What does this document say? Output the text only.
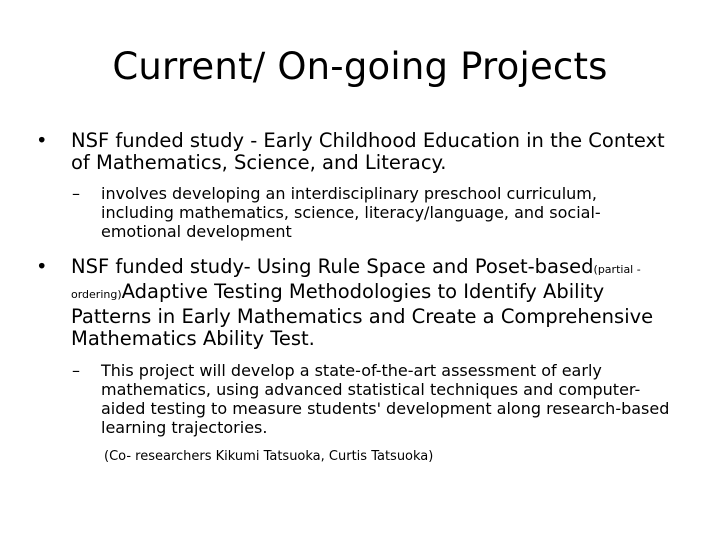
Current/ On-going Projects
•	NSF funded study - Early Childhood Education in the Context of Mathematics, Science, and Literacy.
– involves developing an interdisciplinary preschool curriculum, including mathematics, science, literacy/language, and social-emotional development
•	NSF funded study- Using Rule Space and Poset-based(partial -ordering)Adaptive Testing Methodologies to Identify Ability Patterns in Early Mathematics and Create a Comprehensive Mathematics Ability Test.
– This project will develop a state-of-the-art assessment of early mathematics, using advanced statistical techniques and computer-aided testing to measure students' development along research-based learning trajectories.
(Co- researchers Kikumi Tatsuoka, Curtis Tatsuoka)
